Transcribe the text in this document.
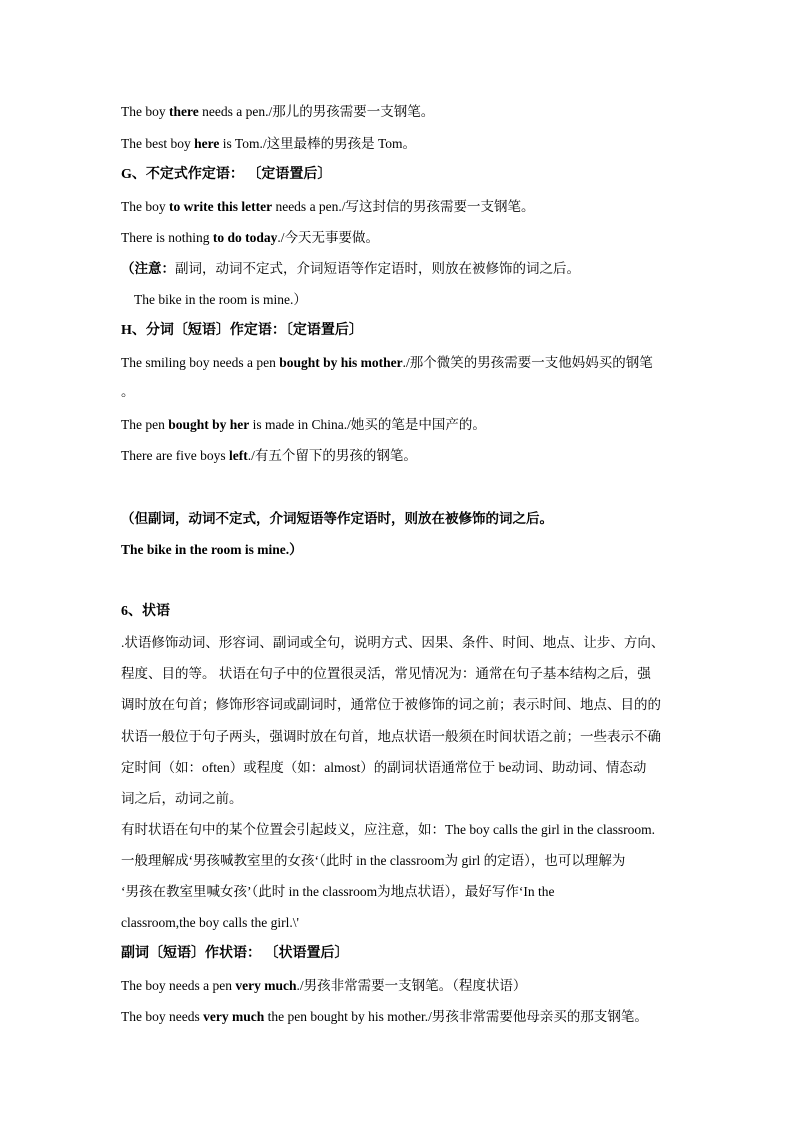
The boy there needs a pen./那儿的男孩需要一支钢笔。
The best boy here is Tom./这里最棒的男孩是 Tom。
G、不定式作定语： 〔定语置后〕
The boy to write this letter needs a pen./写这封信的男孩需要一支钢笔。
There is nothing to do today./今天无事要做。
（注意：副词，动词不定式，介词短语等作定语时，则放在被修饰的词之后。
The bike in the room is mine.）
H、分词〔短语〕作定语：〔定语置后〕
The smiling boy needs a pen bought by his mother./那个微笑的男孩需要一支他妈妈买的钢笔
。
The pen bought by her is made in China./她买的笔是中国产的。
There are five boys left./有五个留下的男孩的钢笔。
（但副词，动词不定式，介词短语等作定语时，则放在被修饰的词之后。
The bike in the room is mine.）
6、状语
.状语修饰动词、形容词、副词或全句，说明方式、因果、条件、时间、地点、让步、方向、
程度、目的等。 状语在句子中的位置很灵活，常见情况为：通常在句子基本结构之后，强
调时放在句首；修饰形容词或副词时，通常位于被修饰的词之前；表示时间、地点、目的的
状语一般位于句子两头，强调时放在句首，地点状语一般须在时间状语之前；一些表示不确
定时间（如：often）或程度（如：almost）的副词状语通常位于 be动词、助动词、情态动
词之后，动词之前。
有时状语在句中的某个位置会引起歧义，应注意，如：The boy calls the girl in the classroom.
一般理解成‘男孩喊教室里的女孩‘（此时 in the classroom为 girl 的定语），也可以理解为
‘男孩在教室里喊女孩’（此时 in the classroom为地点状语），最好写作‘In the
classroom,the boy calls the girl.\'
副词〔短语〕作状语： 〔状语置后〕
The boy needs a pen very much./男孩非常需要一支钢笔。（程度状语）
The boy needs very much the pen bought by his mother./男孩非常需要他母亲买的那支钢笔。
